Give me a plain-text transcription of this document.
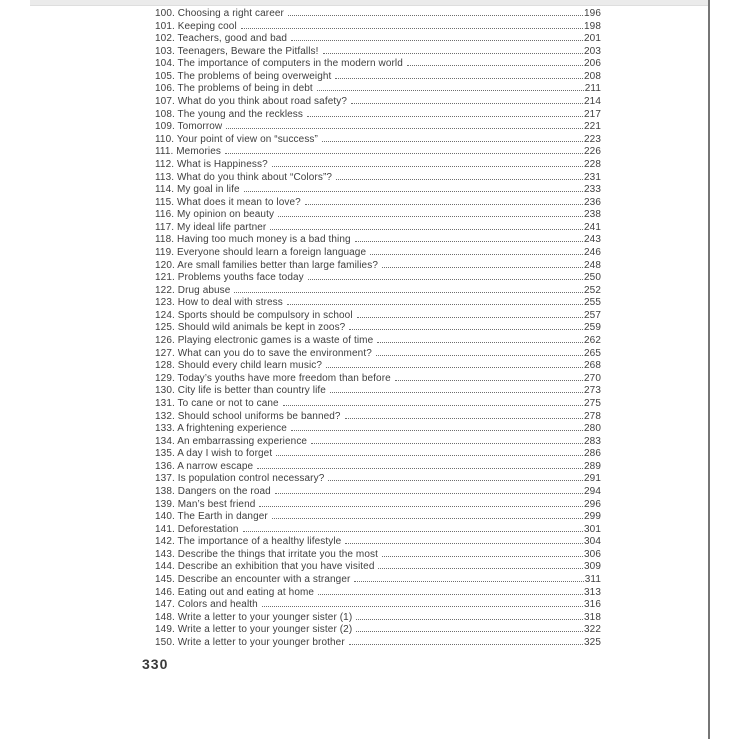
100. Choosing a right career	196
101. Keeping cool	198
102. Teachers, good and bad	201
103. Teenagers, Beware the Pitfalls!	203
104. The importance of computers in the modern world	206
105. The problems of being overweight	208
106. The problems of being in debt	211
107. What do you think about road safety?	214
108. The young and the reckless	217
109. Tomorrow	221
110. Your point of view on “success”	223
111. Memories	226
112. What is Happiness?	228
113. What do you think about “Colors”?	231
114. My goal in life	233
115. What does it mean to love?	236
116. My opinion on beauty	238
117. My ideal life partner	241
118. Having too much money is a bad thing	243
119. Everyone should learn a foreign language	246
120. Are small families better than large families?	248
121. Problems youths face today	250
122. Drug abuse	252
123. How to deal with stress	255
124. Sports should be compulsory in school	257
125. Should wild animals be kept in zoos?	259
126. Playing electronic games is a waste of time	262
127. What can you do to save the environment?	265
128. Should every child learn music?	268
129. Today’s youths have more freedom than before	270
130. City life is better than country life	273
131. To cane or not to cane	275
132. Should school uniforms be banned?	278
133. A frightening experience	280
134. An embarrassing experience	283
135. A day I wish to forget	286
136. A narrow escape	289
137. Is population control necessary?	291
138. Dangers on the road	294
139. Man’s best friend	296
140. The Earth in danger	299
141. Deforestation	301
142. The importance of a healthy lifestyle	304
143. Describe the things that irritate you the most	306
144. Describe an exhibition that you have visited	309
145. Describe an encounter with a stranger	311
146. Eating out and eating at home	313
147. Colors and health	316
148. Write a letter to your younger sister (1)	318
149. Write a letter to your younger sister (2)	322
150. Write a letter to your younger brother	325
330
